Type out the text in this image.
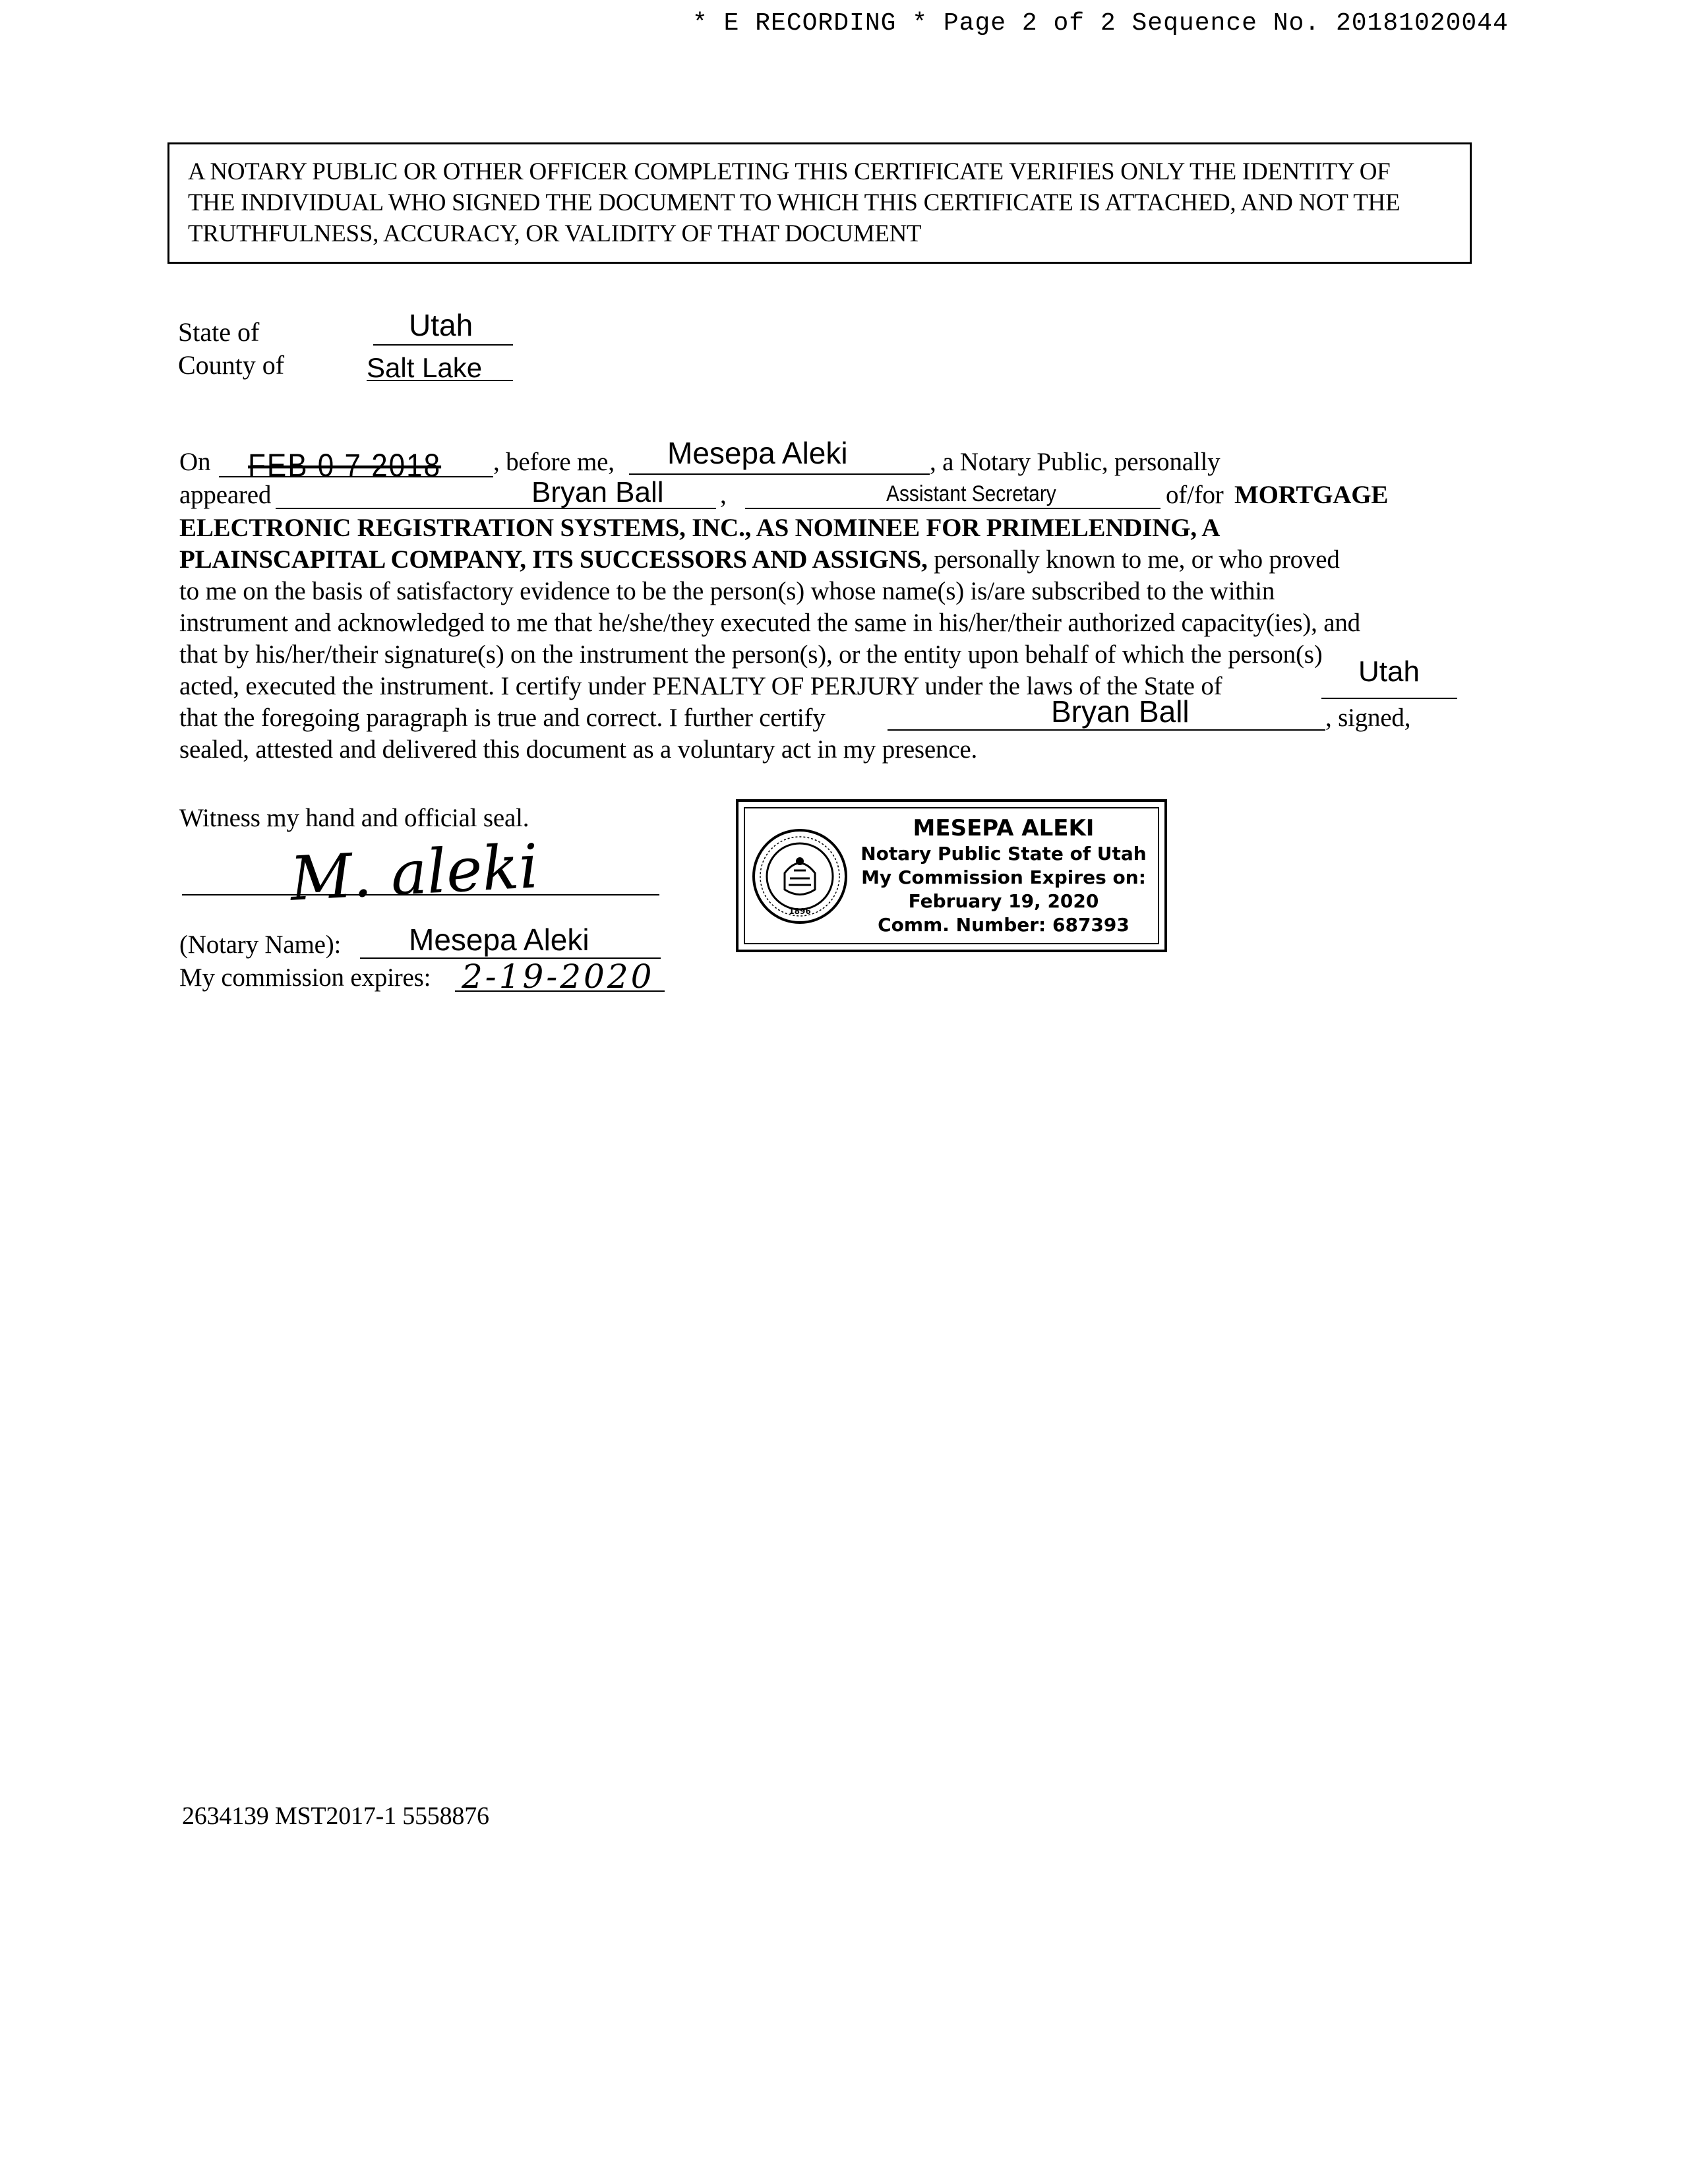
* E RECORDING * Page 2 of 2 Sequence No. 20181020044
A NOTARY PUBLIC OR OTHER OFFICER COMPLETING THIS CERTIFICATE VERIFIES ONLY THE IDENTITY OF
THE INDIVIDUAL WHO SIGNED THE DOCUMENT TO WHICH THIS CERTIFICATE IS ATTACHED, AND NOT THE
TRUTHFULNESS, ACCURACY, OR VALIDITY OF THAT DOCUMENT
State of	Utah
County of	Salt Lake
On FEB 0 7 2018 , before me, Mesepa Aleki	, a Notary Public, personally
appeared	Bryan Ball ,	Assistant Secretary	of/for MORTGAGE
ELECTRONIC REGISTRATION SYSTEMS, INC., AS NOMINEE FOR PRIMELENDING, A
PLAINSCAPITAL COMPANY, ITS SUCCESSORS AND ASSIGNS, personally known to me, or who proved
to me on the basis of satisfactory evidence to be the person(s) whose name(s) is/are subscribed to the within
instrument and acknowledged to me that he/she/they executed the same in his/her/their authorized capacity(ies), and
that by his/her/their signature(s) on the instrument the person(s), or the entity upon behalf of which the person(s)
acted, executed the instrument. I certify under PENALTY OF PERJURY under the laws of the State of	Utah
that the foregoing paragraph is true and correct. I further certify	Bryan Ball	, signed,
sealed, attested and delivered this document as a voluntary act in my presence.
Witness my hand and official seal.
M. aleki
(Notary Name): Mesepa Aleki
My commission expires: 2-19-2020
1896
MESEPA ALEKI
Notary Public State of Utah
My Commission Expires on:
February 19, 2020
Comm. Number: 687393
2634139 MST2017-1 5558876
